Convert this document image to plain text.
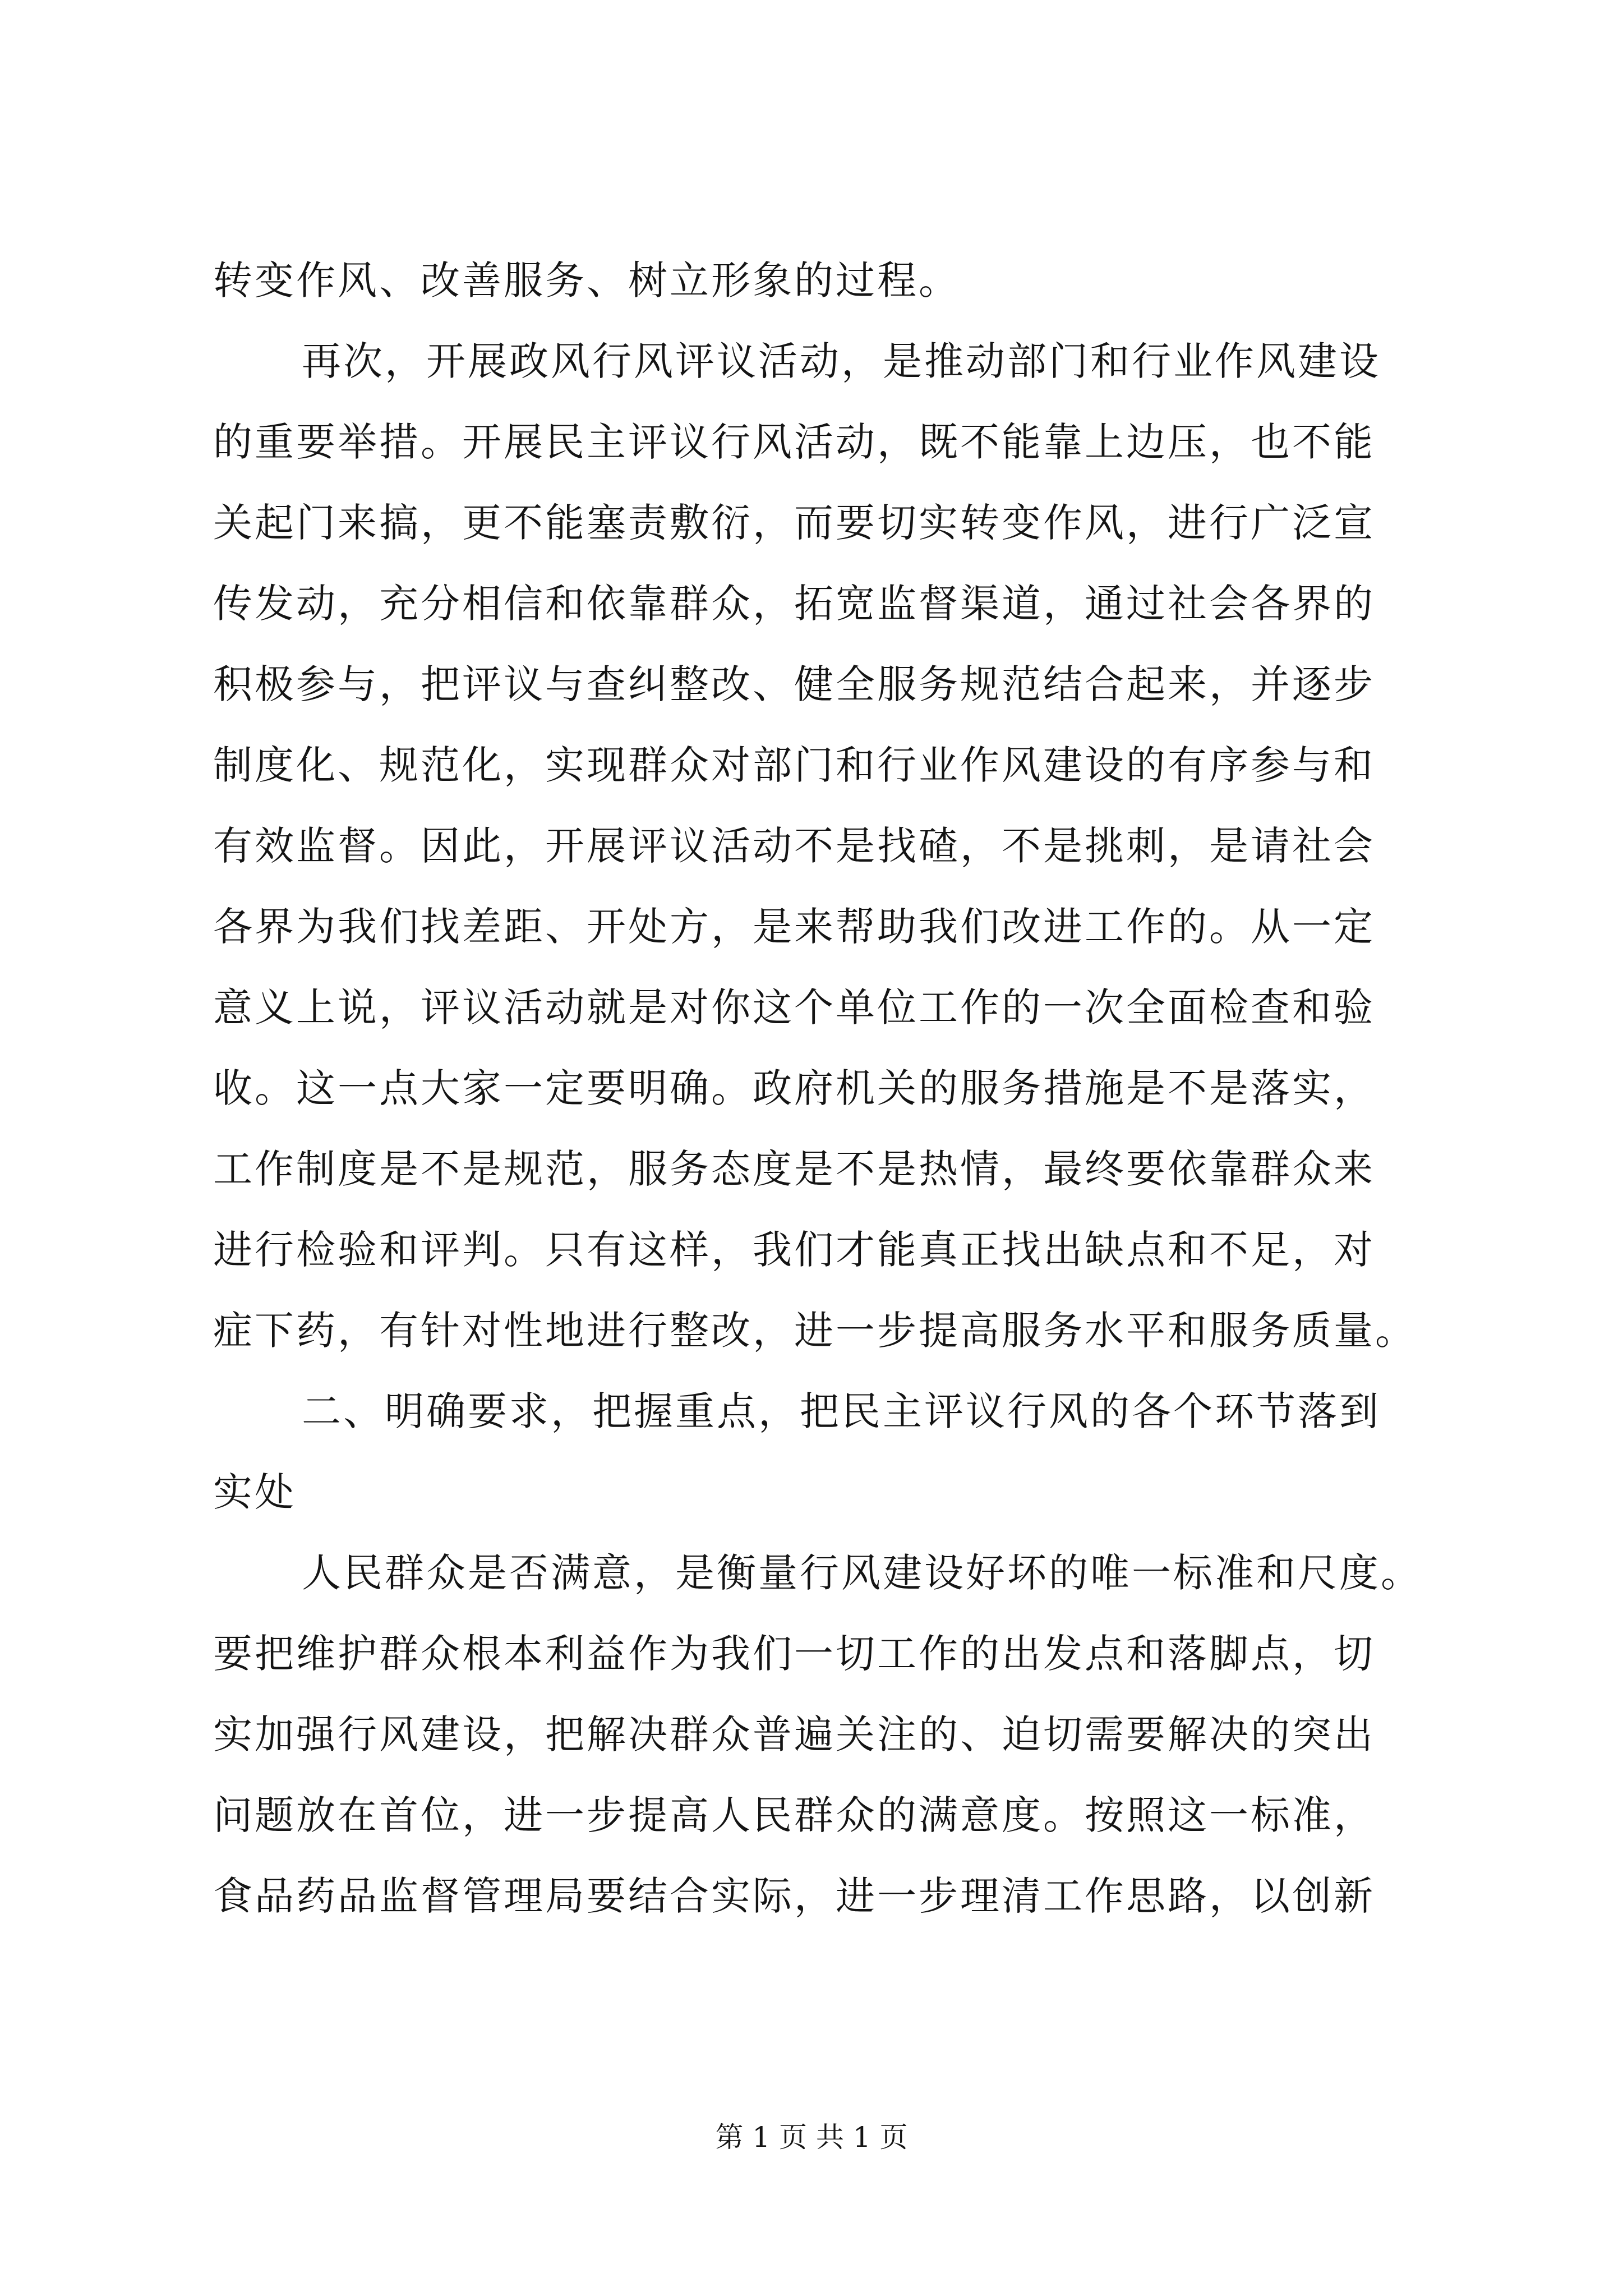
转变作风、改善服务、树立形象的过程。
再次，开展政风行风评议活动，是推动部门和行业作风建设
的重要举措。开展民主评议行风活动，既不能靠上边压，也不能
关起门来搞，更不能塞责敷衍，而要切实转变作风，进行广泛宣
传发动，充分相信和依靠群众，拓宽监督渠道，通过社会各界的
积极参与，把评议与查纠整改、健全服务规范结合起来，并逐步
制度化、规范化，实现群众对部门和行业作风建设的有序参与和
有效监督。因此，开展评议活动不是找碴，不是挑刺，是请社会
各界为我们找差距、开处方，是来帮助我们改进工作的。从一定
意义上说，评议活动就是对你这个单位工作的一次全面检查和验
收。这一点大家一定要明确。政府机关的服务措施是不是落实，
工作制度是不是规范，服务态度是不是热情，最终要依靠群众来
进行检验和评判。只有这样，我们才能真正找出缺点和不足，对
症下药，有针对性地进行整改，进一步提高服务水平和服务质量。
二、明确要求，把握重点，把民主评议行风的各个环节落到
实处
人民群众是否满意，是衡量行风建设好坏的唯一标准和尺度。
要把维护群众根本利益作为我们一切工作的出发点和落脚点，切
实加强行风建设，把解决群众普遍关注的、迫切需要解决的突出
问题放在首位，进一步提高人民群众的满意度。按照这一标准，
食品药品监督管理局要结合实际，进一步理清工作思路，以创新
第 1 页 共 1 页
